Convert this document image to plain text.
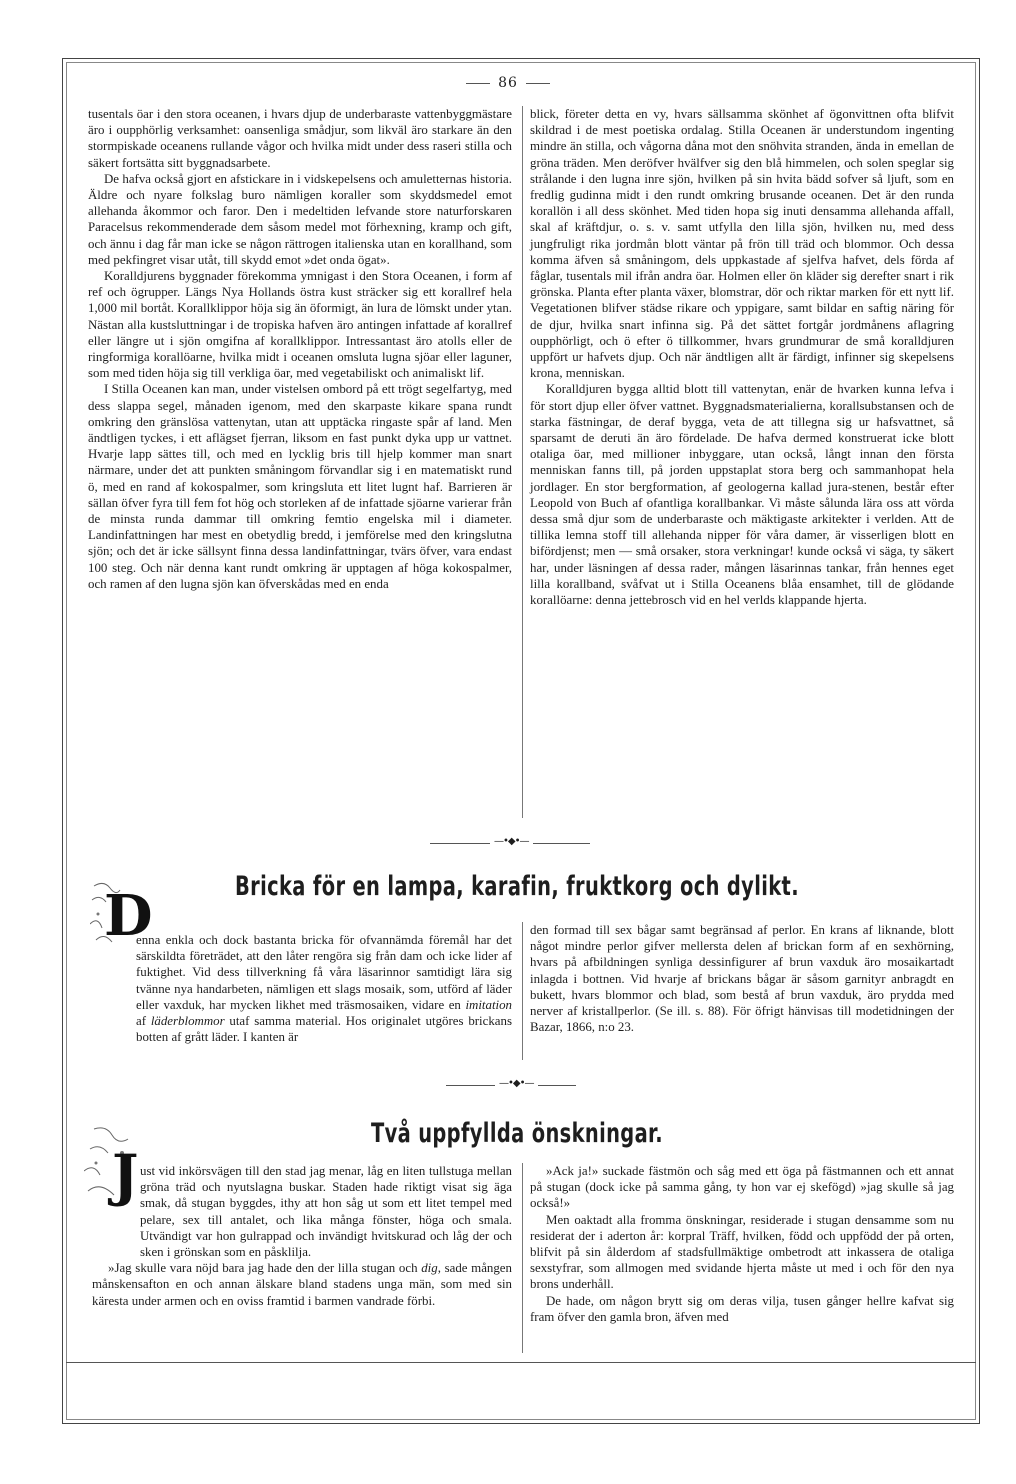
86

tusentals öar i den stora oceanen, i hvars djup de underbaraste vattenbyggmästare äro i oupphörlig verksamhet: oansenliga smådjur, som likväl äro starkare än den stormpiskade oceanens rullande vågor och hvilka midt under dess raseri stilla och säkert fortsätta sitt byggnadsarbete.

De hafva också gjort en afstickare in i vidskepelsens och amuletternas historia. Äldre och nyare folkslag buro nämligen koraller som skyddsmedel emot allehanda åkommor och faror. Den i medeltiden lefvande store naturforskaren Paracelsus rekommenderade dem såsom medel mot förhexning, kramp och gift, och ännu i dag får man icke se någon rättrogen italienska utan en korallhand, som med pekfingret visar utåt, till skydd emot »det onda ögat».

Koralldjurens byggnader förekomma ymnigast i den Stora Oceanen, i form af ref och ögrupper. Längs Nya Hollands östra kust sträcker sig ett korallref hela 1,000 mil bortåt. Korallklippor höja sig än öformigt, än lura de lömskt under ytan. Nästan alla kustsluttningar i de tropiska hafven äro antingen infattade af korallref eller längre ut i sjön omgifna af korallklippor. Intressantast äro atolls eller de ringformiga korallöarne, hvilka midt i oceanen omsluta lugna sjöar eller laguner, som med tiden höja sig till verkliga öar, med vegetabiliskt och animaliskt lif.

I Stilla Oceanen kan man, under vistelsen ombord på ett trögt segelfartyg, med dess slappa segel, månaden igenom, med den skarpaste kikare spana rundt omkring den gränslösa vattenytan, utan att upptäcka ringaste spår af land. Men ändtligen tyckes, i ett aflägset fjerran, liksom en fast punkt dyka upp ur vattnet. Hvarje lapp sättes till, och med en lycklig bris till hjelp kommer man snart närmare, under det att punkten småningom förvandlar sig i en matematiskt rund ö, med en rand af kokospalmer, som kringsluta ett litet lugnt haf. Barrieren är sällan öfver fyra till fem fot hög och storleken af de infattade sjöarne varierar från de minsta runda dammar till omkring femtio engelska mil i diameter. Landinfattningen har mest en obetydlig bredd, i jemförelse med den kringslutna sjön; och det är icke sällsynt finna dessa landinfattningar, tvärs öfver, vara endast 100 steg. Och när denna kant rundt omkring är upptagen af höga kokospalmer, och ramen af den lugna sjön kan öfverskådas med en enda

blick, företer detta en vy, hvars sällsamma skönhet af ögonvittnen ofta blifvit skildrad i de mest poetiska ordalag. Stilla Oceanen är understundom ingenting mindre än stilla, och vågorna dåna mot den snöhvita stranden, ända in emellan de gröna träden. Men deröfver hvälfver sig den blå himmelen, och solen speglar sig strålande i den lugna inre sjön, hvilken på sin hvita bädd sofver så ljuft, som en fredlig gudinna midt i den rundt omkring brusande oceanen. Det är den runda korallön i all dess skönhet. Med tiden hopa sig inuti densamma allehanda affall, skal af kräftdjur, o. s. v. samt utfylla den lilla sjön, hvilken nu, med dess jungfruligt rika jordmån blott väntar på frön till träd och blommor. Och dessa komma äfven så småningom, dels uppkastade af sjelfva hafvet, dels förda af fåglar, tusentals mil ifrån andra öar. Holmen eller ön kläder sig derefter snart i rik grönska. Planta efter planta växer, blomstrar, dör och riktar marken för ett nytt lif. Vegetationen blifver städse rikare och yppigare, samt bildar en saftig näring för de djur, hvilka snart infinna sig. På det sättet fortgår jordmånens aflagring oupphörligt, och ö efter ö tillkommer, hvars grundmurar de små koralldjuren uppfört ur hafvets djup. Och när ändtligen allt är färdigt, infinner sig skepelsens krona, menniskan.

Koralldjuren bygga alltid blott till vattenytan, enär de hvarken kunna lefva i för stort djup eller öfver vattnet. Byggnadsmaterialierna, korallsubstansen och de starka fästningar, de deraf bygga, veta de att tillegna sig ur hafsvattnet, så sparsamt de deruti än äro fördelade. De hafva dermed konstruerat icke blott otaliga öar, med millioner inbyggare, utan också, långt innan den första menniskan fanns till, på jorden uppstaplat stora berg och sammanhopat hela jordlager. En stor bergformation, af geologerna kallad jura-stenen, består efter Leopold von Buch af ofantliga korallbankar. Vi måste sålunda lära oss att vörda dessa små djur som de underbaraste och mäktigaste arkitekter i verlden. Att de tillika lemna stoff till allehanda nipper för våra damer, är visserligen blott en bifördjenst; men — små orsaker, stora verkningar! kunde också vi säga, ty säkert har, under läsningen af dessa rader, mången läsarinnas tankar, från hennes eget lilla korallband, svåfvat ut i Stilla Oceanens blåa ensamhet, till de glödande korallöarne: denna jettebrosch vid en hel verlds klappande hjerta.

—•◆•—
Bricka för en lampa, karafin, fruktkorg och dylikt.
D

enna enkla och dock bastanta bricka för ofvannämda föremål har det särskildta företrädet, att den låter rengöra sig från dam och icke lider af fuktighet. Vid dess tillverkning få våra läsarinnor samtidigt lära sig tvänne nya handarbeten, nämligen ett slags mosaik, som, utförd af läder eller vaxduk, har mycken likhet med träsmosaiken, vidare en imitation af läderblommor utaf samma material. Hos originalet utgöres brickans botten af grått läder. I kanten är

den formad till sex bågar samt begränsad af perlor. En krans af liknande, blott något mindre perlor gifver mellersta delen af brickan form af en sexhörning, hvars på afbildningen synliga dessinfigurer af brun vaxduk äro mosaikartadt inlagda i bottnen. Vid hvarje af brickans bågar är såsom garnityr anbragdt en bukett, hvars blommor och blad, som bestå af brun vaxduk, äro prydda med nerver af kristallperlor. (Se ill. s. 88). För öfrigt hänvisas till modetidningen der Bazar, 1866, n:o 23.

—•◆•—
Två uppfyllda önskningar.
J ust vid inkörsvägen till den stad jag menar, låg en liten tullstuga mellan gröna träd och nyutslagna buskar. Staden hade riktigt visat sig äga smak, då stugan byggdes, ithy att hon såg ut som ett litet tempel med pelare, sex till antalet, och lika många fönster, höga och smala. Utvändigt var hon gulrappad och invändigt hvitskurad och låg der och sken i grönskan som en påsklilja.

»Jag skulle vara nöjd bara jag hade den der lilla stugan och dig, sade mången månskensafton en och annan älskare bland stadens unga män, som med sin käresta under armen och en oviss framtid i barmen vandrade förbi.

»Ack ja!» suckade fästmön och såg med ett öga på fästmannen och ett annat på stugan (dock icke på samma gång, ty hon var ej skefögd) »jag skulle så jag också!»

Men oaktadt alla fromma önskningar, residerade i stugan densamme som nu residerat der i aderton år: korpral Träff, hvilken, född och uppfödd der på orten, blifvit på sin ålderdom af stadsfullmäktige ombetrodt att inkassera de otaliga sexstyfrar, som allmogen med svidande hjerta måste ut med i och för den nya brons underhåll.

De hade, om någon brytt sig om deras vilja, tusen gånger hellre kafvat sig fram öfver den gamla bron, äfven med
